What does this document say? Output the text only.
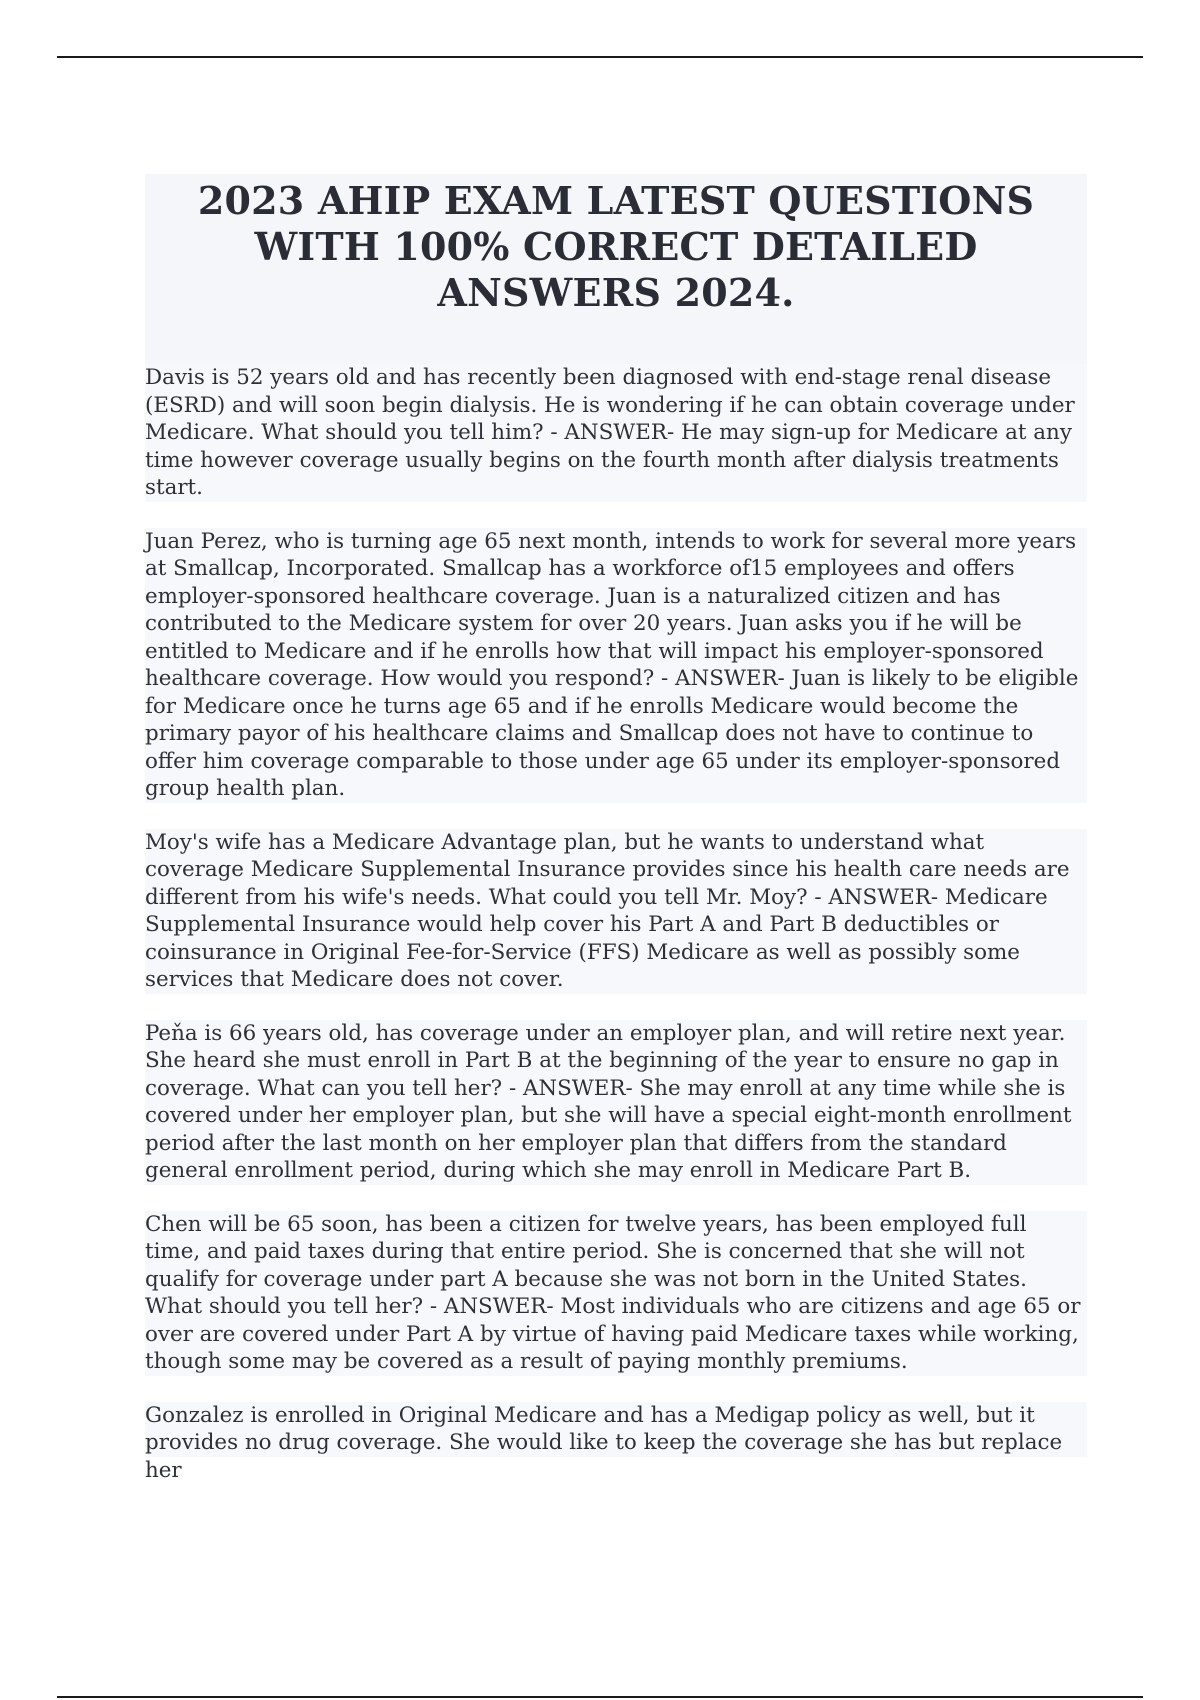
2023 AHIP EXAM LATEST QUESTIONS
WITH 100% CORRECT DETAILED
ANSWERS 2024.

Davis is 52 years old and has recently been diagnosed with end-stage renal disease (ESRD) and will soon begin dialysis. He is wondering if he can obtain coverage under Medicare. What should you tell him? - ANSWER- He may sign-up for Medicare at any time however coverage usually begins on the fourth month after dialysis treatments start.

Juan Perez, who is turning age 65 next month, intends to work for several more years at Smallcap, Incorporated. Smallcap has a workforce of15 employees and offers employer-sponsored healthcare coverage. Juan is a naturalized citizen and has contributed to the Medicare system for over 20 years. Juan asks you if he will be entitled to Medicare and if he enrolls how that will impact his employer-sponsored healthcare coverage. How would you respond? - ANSWER- Juan is likely to be eligible for Medicare once he turns age 65 and if he enrolls Medicare would become the primary payor of his healthcare claims and Smallcap does not have to continue to offer him coverage comparable to those under age 65 under its employer-sponsored group health plan.

Moy's wife has a Medicare Advantage plan, but he wants to understand what coverage Medicare Supplemental Insurance provides since his health care needs are different from his wife's needs. What could you tell Mr. Moy? - ANSWER- Medicare Supplemental Insurance would help cover his Part A and Part B deductibles or coinsurance in Original Fee-for-Service (FFS) Medicare as well as possibly some services that Medicare does not cover.

Peňa is 66 years old, has coverage under an employer plan, and will retire next year. She heard she must enroll in Part B at the beginning of the year to ensure no gap in coverage. What can you tell her? - ANSWER- She may enroll at any time while she is covered under her employer plan, but she will have a special eight-month enrollment period after the last month on her employer plan that differs from the standard general enrollment period, during which she may enroll in Medicare Part B.

Chen will be 65 soon, has been a citizen for twelve years, has been employed full time, and paid taxes during that entire period. She is concerned that she will not qualify for coverage under part A because she was not born in the United States. What should you tell her? - ANSWER- Most individuals who are citizens and age 65 or over are covered under Part A by virtue of having paid Medicare taxes while working, though some may be covered as a result of paying monthly premiums.

Gonzalez is enrolled in Original Medicare and has a Medigap policy as well, but it provides no drug coverage. She would like to keep the coverage she has but replace her
